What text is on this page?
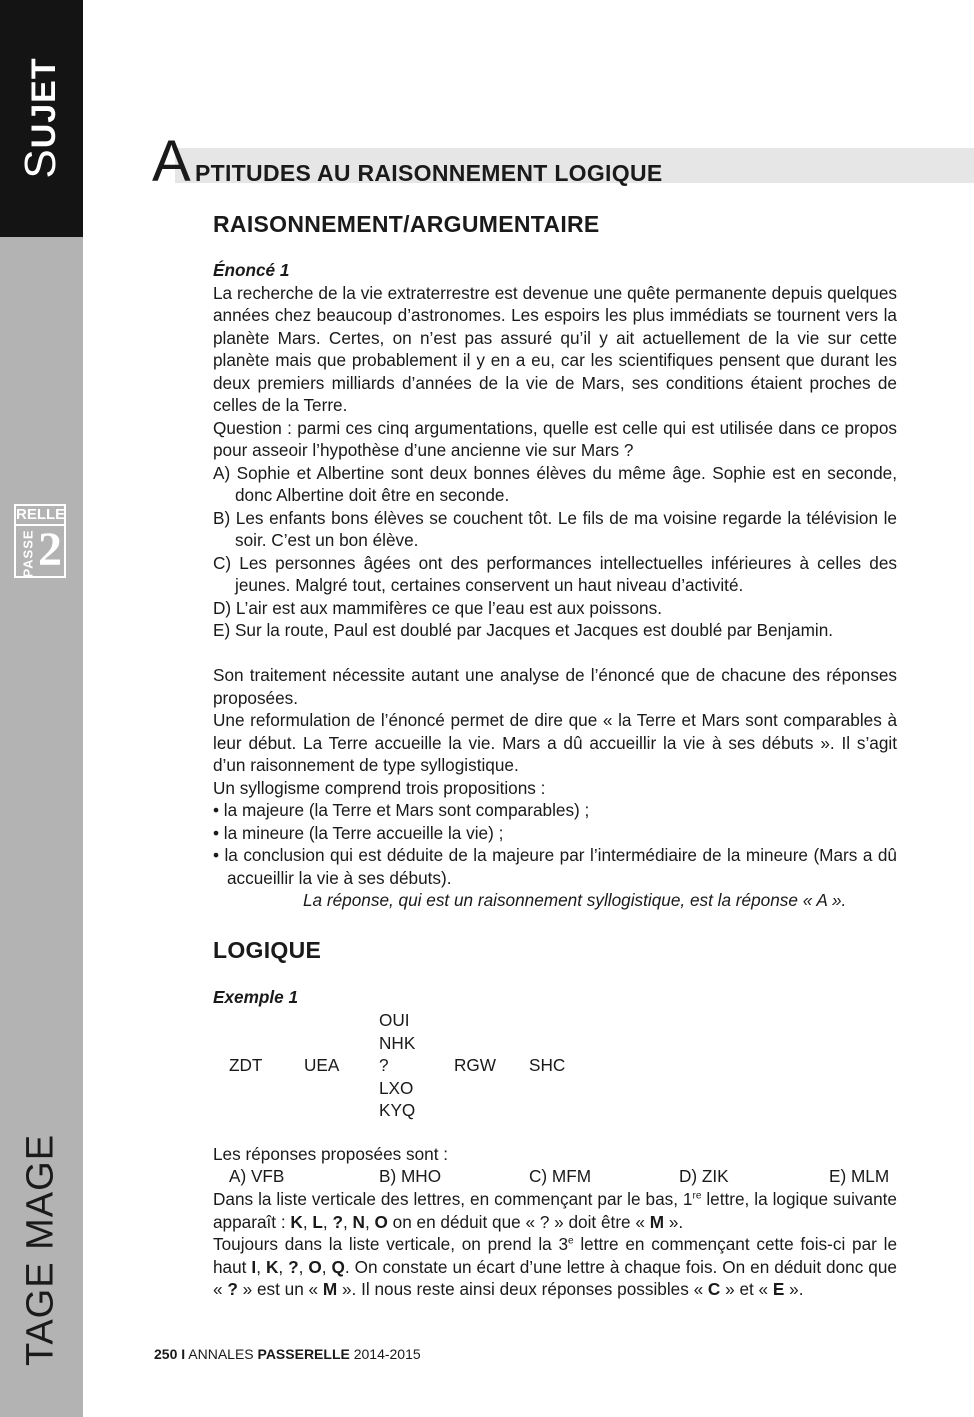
SUJET
RELLE
PASSE 2
TAGE MAGE
A PTITUDES AU RAISONNEMENT LOGIQUE
RAISONNEMENT/ARGUMENTAIRE

Énoncé 1

La recherche de la vie extraterrestre est devenue une quête permanente depuis quelques années chez beaucoup d’astronomes. Les espoirs les plus immédiats se tournent vers la planète Mars. Certes, on n’est pas assuré qu’il y ait actuellement de la vie sur cette planète mais que probablement il y en a eu, car les scientifiques pensent que durant les deux premiers milliards d’années de la vie de Mars, ses conditions étaient proches de celles de la Terre.

Question : parmi ces cinq argumentations, quelle est celle qui est utilisée dans ce propos pour asseoir l’hypothèse d’une ancienne vie sur Mars ?

A) Sophie et Albertine sont deux bonnes élèves du même âge. Sophie est en seconde, donc Albertine doit être en seconde.

B) Les enfants bons élèves se couchent tôt. Le fils de ma voisine regarde la télévision le soir. C’est un bon élève.

C) Les personnes âgées ont des performances intellectuelles inférieures à celles des jeunes. Malgré tout, certaines conservent un haut niveau d’activité.

D) L’air est aux mammifères ce que l’eau est aux poissons.

E) Sur la route, Paul est doublé par Jacques et Jacques est doublé par Benjamin.

Son traitement nécessite autant une analyse de l’énoncé que de chacune des réponses proposées.

Une reformulation de l’énoncé permet de dire que « la Terre et Mars sont comparables à leur début. La Terre accueille la vie. Mars a dû accueillir la vie à ses débuts ». Il s’agit d’un raisonnement de type syllogistique.

Un syllogisme comprend trois propositions :

• la majeure (la Terre et Mars sont comparables) ;

• la mineure (la Terre accueille la vie) ;

• la conclusion qui est déduite de la majeure par l’intermédiaire de la mineure (Mars a dû accueillir la vie à ses débuts).

La réponse, qui est un raisonnement syllogistique, est la réponse « A ».

LOGIQUE

Exemple 1

OUI
NHK
ZDT UEA ?	RGW SHC
LXO
KYQ

Les réponses proposées sont :

A) VFB	B) MHO	C) MFM	D) ZIK	E) MLM

Dans la liste verticale des lettres, en commençant par le bas, 1re lettre, la logique suivante apparaît : K, L, ?, N, O on en déduit que « ? » doit être « M ».

Toujours dans la liste verticale, on prend la 3e lettre en commençant cette fois-ci par le haut I, K, ?, O, Q. On constate un écart d’une lettre à chaque fois. On en déduit donc que « ? » est un « M ». Il nous reste ainsi deux réponses possibles « C » et « E ».

250 I ANNALES PASSERELLE 2014-2015
